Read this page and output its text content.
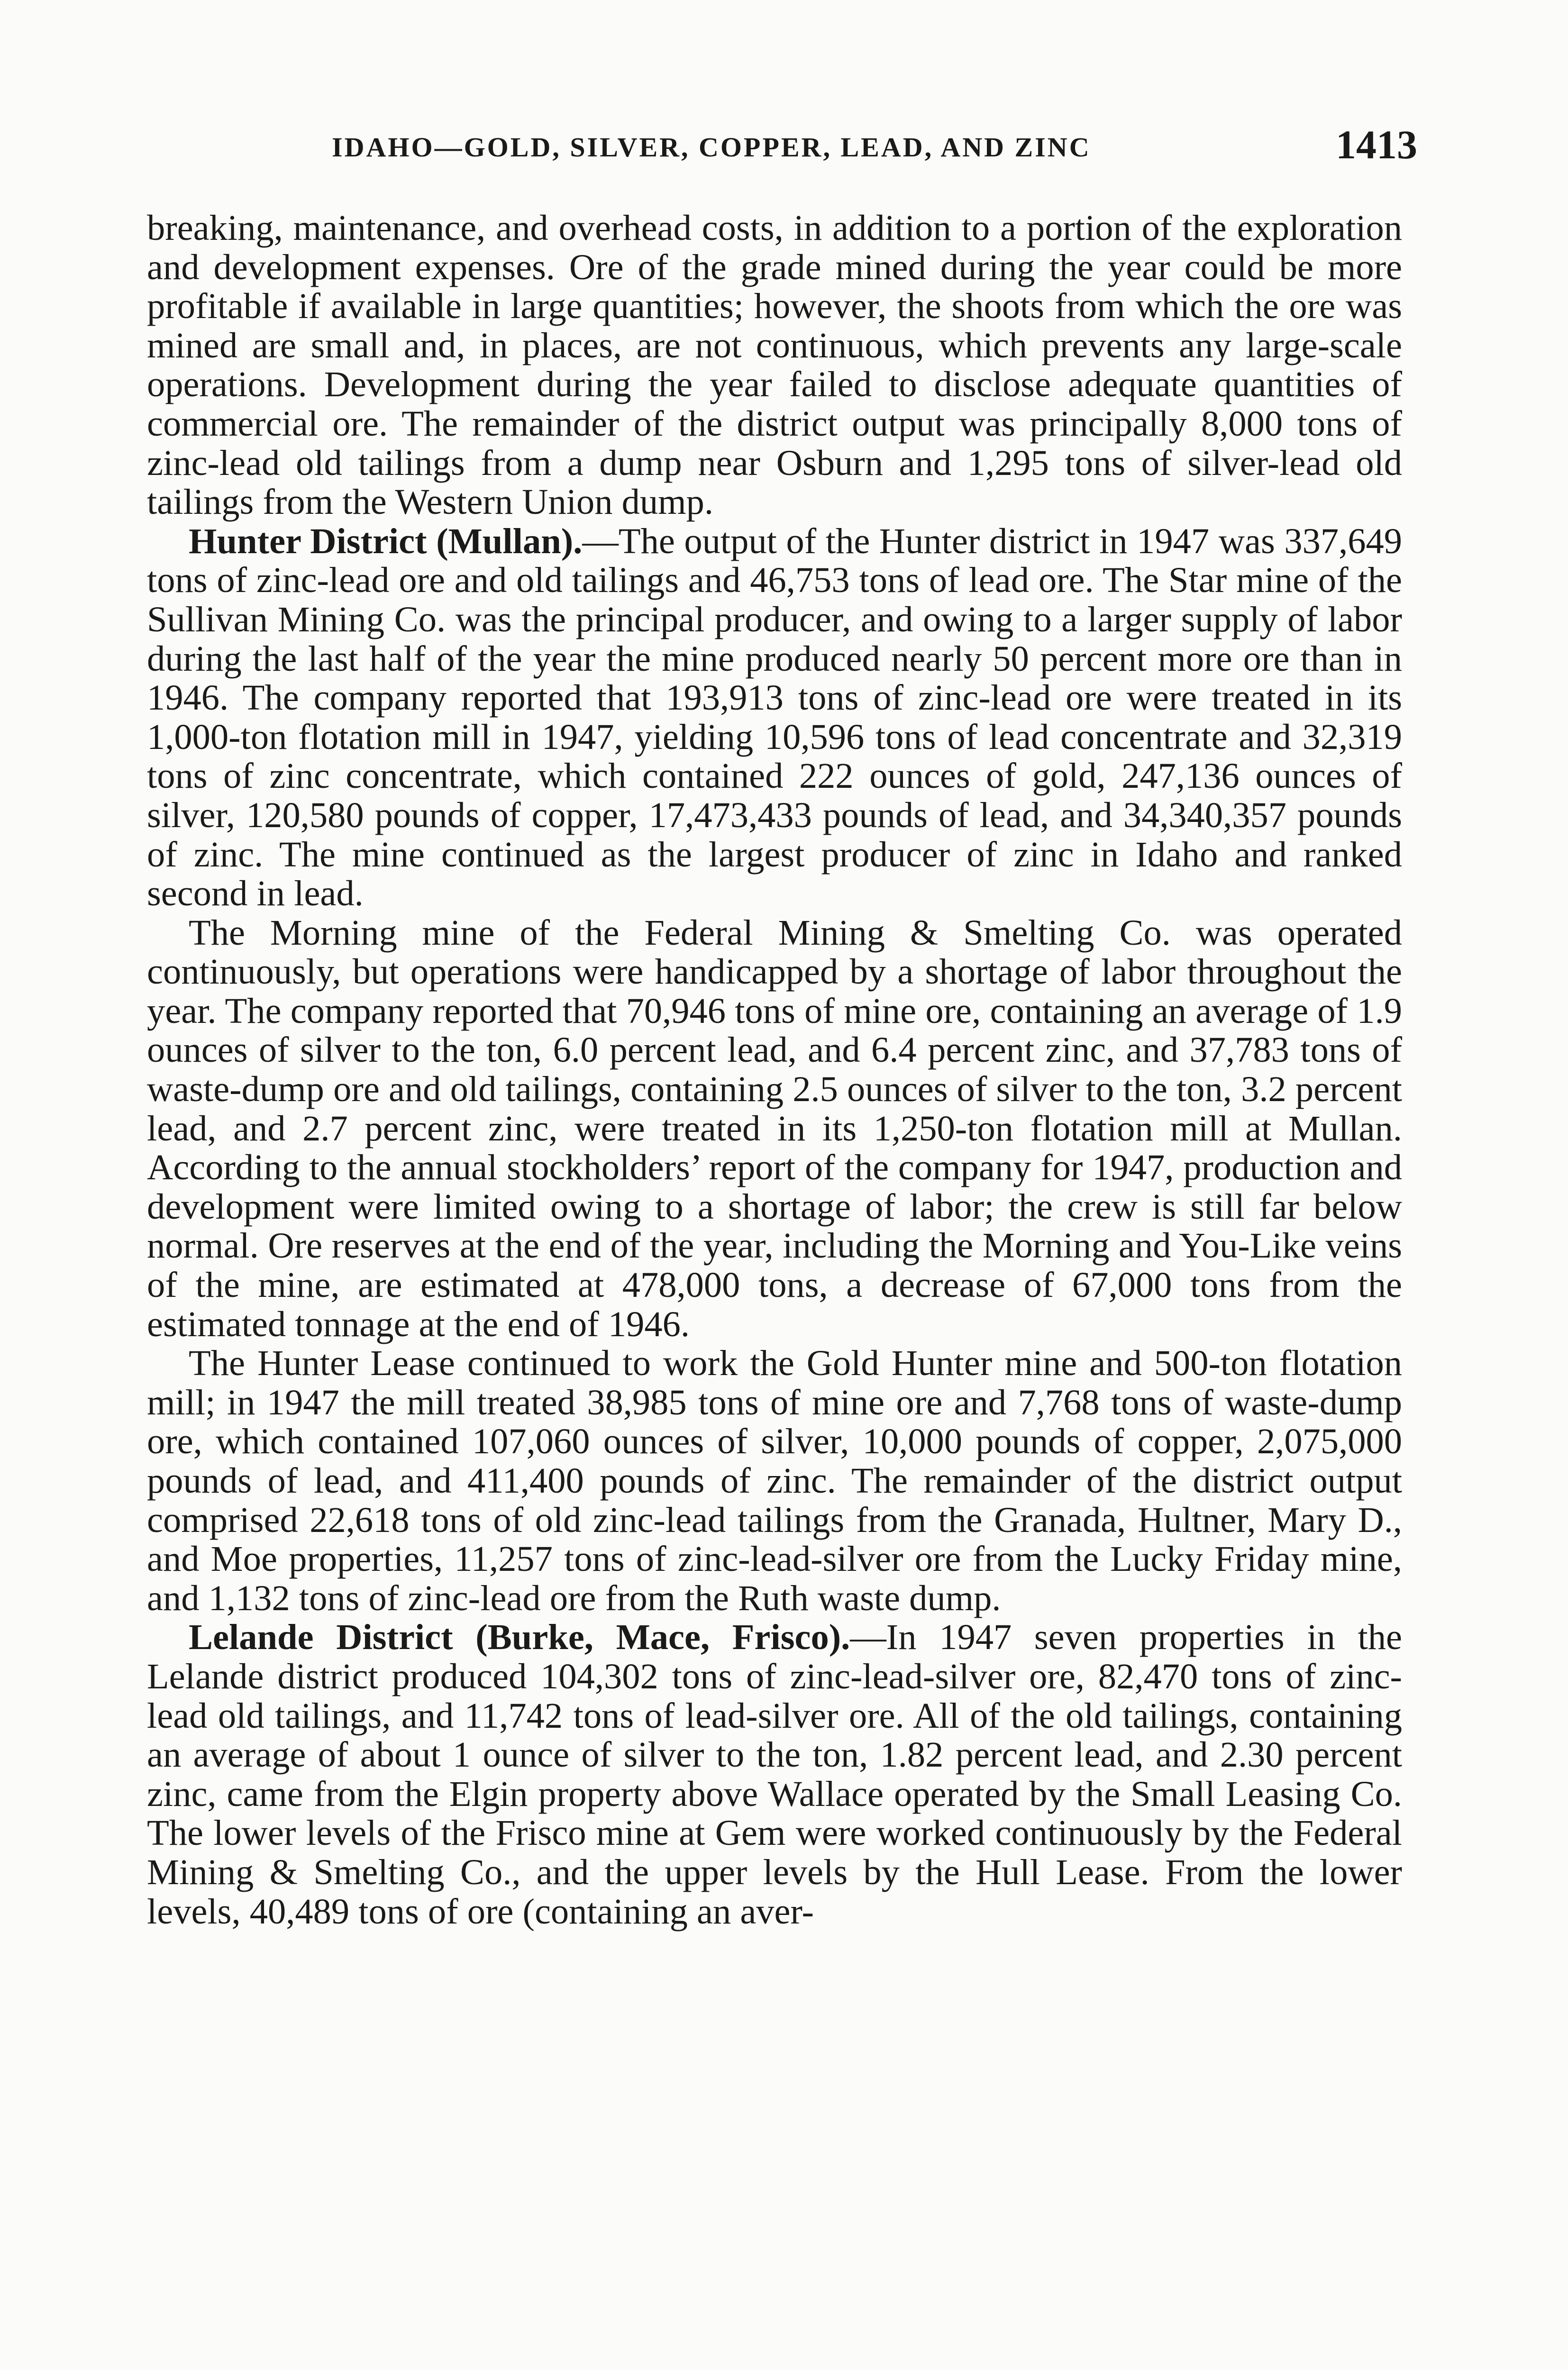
IDAHO—GOLD, SILVER, COPPER, LEAD, AND ZINC	1413

breaking, maintenance, and overhead costs, in addition to a portion of the exploration and development expenses. Ore of the grade mined during the year could be more profitable if available in large quantities; however, the shoots from which the ore was mined are small and, in places, are not continuous, which prevents any large-scale operations. Development during the year failed to disclose adequate quantities of commercial ore. The remainder of the district output was principally 8,000 tons of zinc-lead old tailings from a dump near Osburn and 1,295 tons of silver-lead old tailings from the Western Union dump.

Hunter District (Mullan).—The output of the Hunter district in 1947 was 337,649 tons of zinc-lead ore and old tailings and 46,753 tons of lead ore. The Star mine of the Sullivan Mining Co. was the principal producer, and owing to a larger supply of labor during the last half of the year the mine produced nearly 50 percent more ore than in 1946. The company reported that 193,913 tons of zinc-lead ore were treated in its 1,000-ton flotation mill in 1947, yielding 10,596 tons of lead concentrate and 32,319 tons of zinc concentrate, which contained 222 ounces of gold, 247,136 ounces of silver, 120,580 pounds of copper, 17,473,433 pounds of lead, and 34,340,357 pounds of zinc. The mine continued as the largest producer of zinc in Idaho and ranked second in lead.

The Morning mine of the Federal Mining & Smelting Co. was operated continuously, but operations were handicapped by a shortage of labor throughout the year. The company reported that 70,946 tons of mine ore, containing an average of 1.9 ounces of silver to the ton, 6.0 percent lead, and 6.4 percent zinc, and 37,783 tons of waste-dump ore and old tailings, containing 2.5 ounces of silver to the ton, 3.2 percent lead, and 2.7 percent zinc, were treated in its 1,250-ton flotation mill at Mullan. According to the annual stockholders’ report of the company for 1947, production and development were limited owing to a shortage of labor; the crew is still far below normal. Ore reserves at the end of the year, including the Morning and You-Like veins of the mine, are estimated at 478,000 tons, a decrease of 67,000 tons from the estimated tonnage at the end of 1946.

The Hunter Lease continued to work the Gold Hunter mine and 500-ton flotation mill; in 1947 the mill treated 38,985 tons of mine ore and 7,768 tons of waste-dump ore, which contained 107,060 ounces of silver, 10,000 pounds of copper, 2,075,000 pounds of lead, and 411,400 pounds of zinc. The remainder of the district output comprised 22,618 tons of old zinc-lead tailings from the Granada, Hultner, Mary D., and Moe properties, 11,257 tons of zinc-lead-silver ore from the Lucky Friday mine, and 1,132 tons of zinc-lead ore from the Ruth waste dump.

Lelande District (Burke, Mace, Frisco).—In 1947 seven properties in the Lelande district produced 104,302 tons of zinc-lead-silver ore, 82,470 tons of zinc-lead old tailings, and 11,742 tons of lead-silver ore. All of the old tailings, containing an average of about 1 ounce of silver to the ton, 1.82 percent lead, and 2.30 percent zinc, came from the Elgin property above Wallace operated by the Small Leasing Co. The lower levels of the Frisco mine at Gem were worked continuously by the Federal Mining & Smelting Co., and the upper levels by the Hull Lease. From the lower levels, 40,489 tons of ore (containing an aver-
